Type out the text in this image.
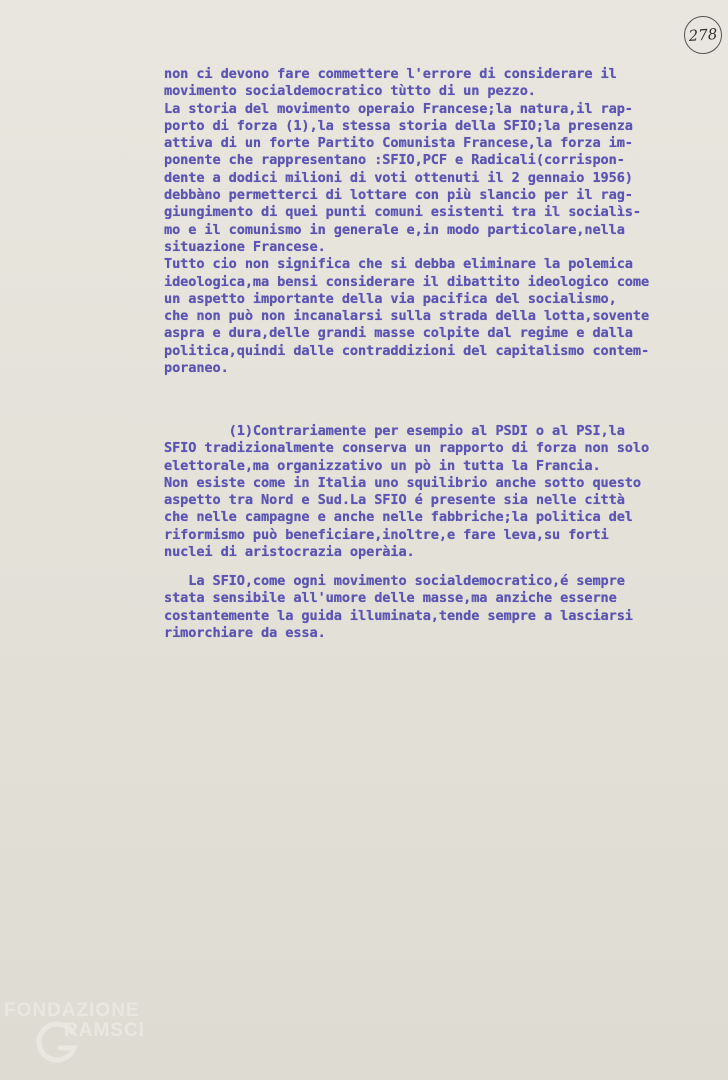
278
non ci devono fare commettere l'errore di considerare il
movimento socialdemocratico tùtto di un pezzo.
La storia del movimento operaio Francese;la natura,il rap-
porto di forza (1),la stessa storia della SFIO;la presenza
attiva di un forte Partito Comunista Francese,la forza im-
ponente che rappresentano :SFIO,PCF e Radicali(corrispon-
dente a dodici milioni di voti ottenuti il 2 gennaio 1956)
debbàno permetterci di lottare con più slancio per il rag-
giungimento di quei punti comuni esistenti tra il socialìs-
mo e il comunismo in generale e,in modo particolare,nella
situazione Francese.
Tutto cio non significa che si debba eliminare la polemica
ideologica,ma bensi considerare il dibattito ideologico come
un aspetto importante della via pacifica del socialismo,
che non può non incanalarsi sulla strada della lotta,sovente
aspra e dura,delle grandi masse colpite dal regime e dalla
politica,quindi dalle contraddizioni del capitalismo contem-
poraneo.
(1)Contrariamente per esempio al PSDI o al PSI,la
SFIO tradizionalmente conserva un rapporto di forza non solo
elettorale,ma organizzativo un pò in tutta la Francia.
Non esiste come in Italia uno squilibrio anche sotto questo
aspetto tra Nord e Sud.La SFIO é presente sia nelle città
che nelle campagne e anche nelle fabbriche;la politica del
riformismo può beneficiare,inoltre,e fare leva,su forti
nuclei di aristocrazia operàia.
La SFIO,come ogni movimento socialdemocratico,é sempre
stata sensibile all'umore delle masse,ma anziche esserne
costantemente la guida illuminata,tende sempre a lasciarsi
rimorchiare da essa.
FONDAZIONE
RAMSCI
